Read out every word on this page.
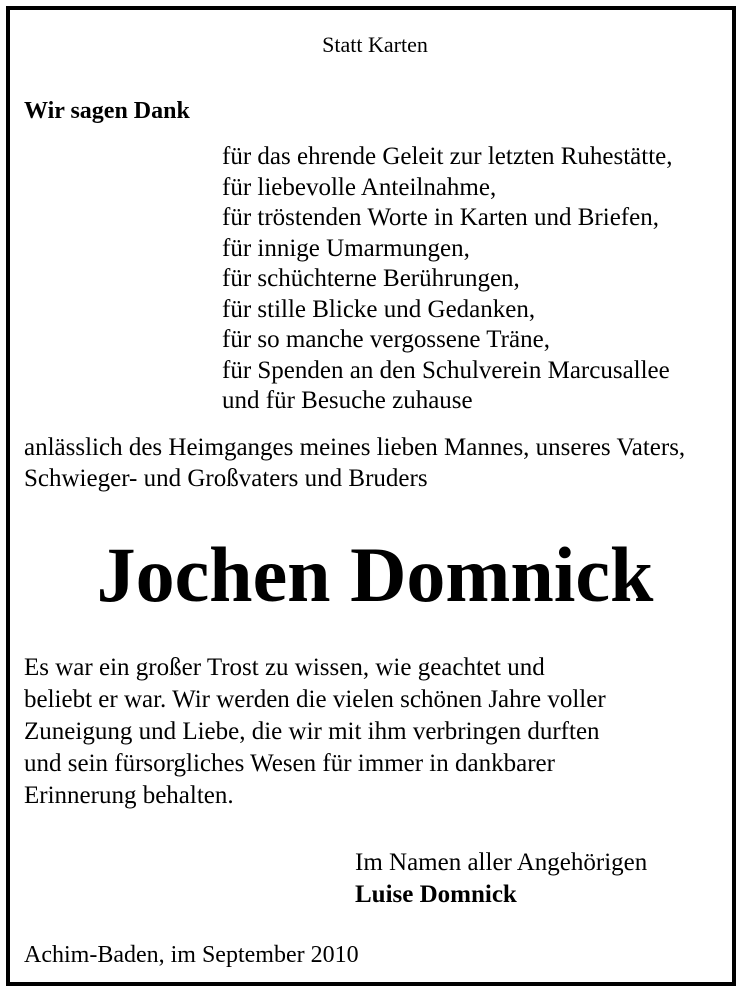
Statt Karten

Wir sagen Dank

für das ehrende Geleit zur letzten Ruhestätte,
für liebevolle Anteilnahme,
für tröstenden Worte in Karten und Briefen,
für innige Umarmungen,
für schüchterne Berührungen,
für stille Blicke und Gedanken,
für so manche vergossene Träne,
für Spenden an den Schulverein Marcusallee
und für Besuche zuhause
anlässlich des Heimganges meines lieben Mannes, unseres Vaters,
Schwieger- und Großvaters und Bruders

Jochen Domnick

Es war ein großer Trost zu wissen, wie geachtet und
beliebt er war. Wir werden die vielen schönen Jahre voller
Zuneigung und Liebe, die wir mit ihm verbringen durften
und sein fürsorgliches Wesen für immer in dankbarer
Erinnerung behalten.

Im Namen aller Angehörigen

Luise Domnick

Achim-Baden, im September 2010
